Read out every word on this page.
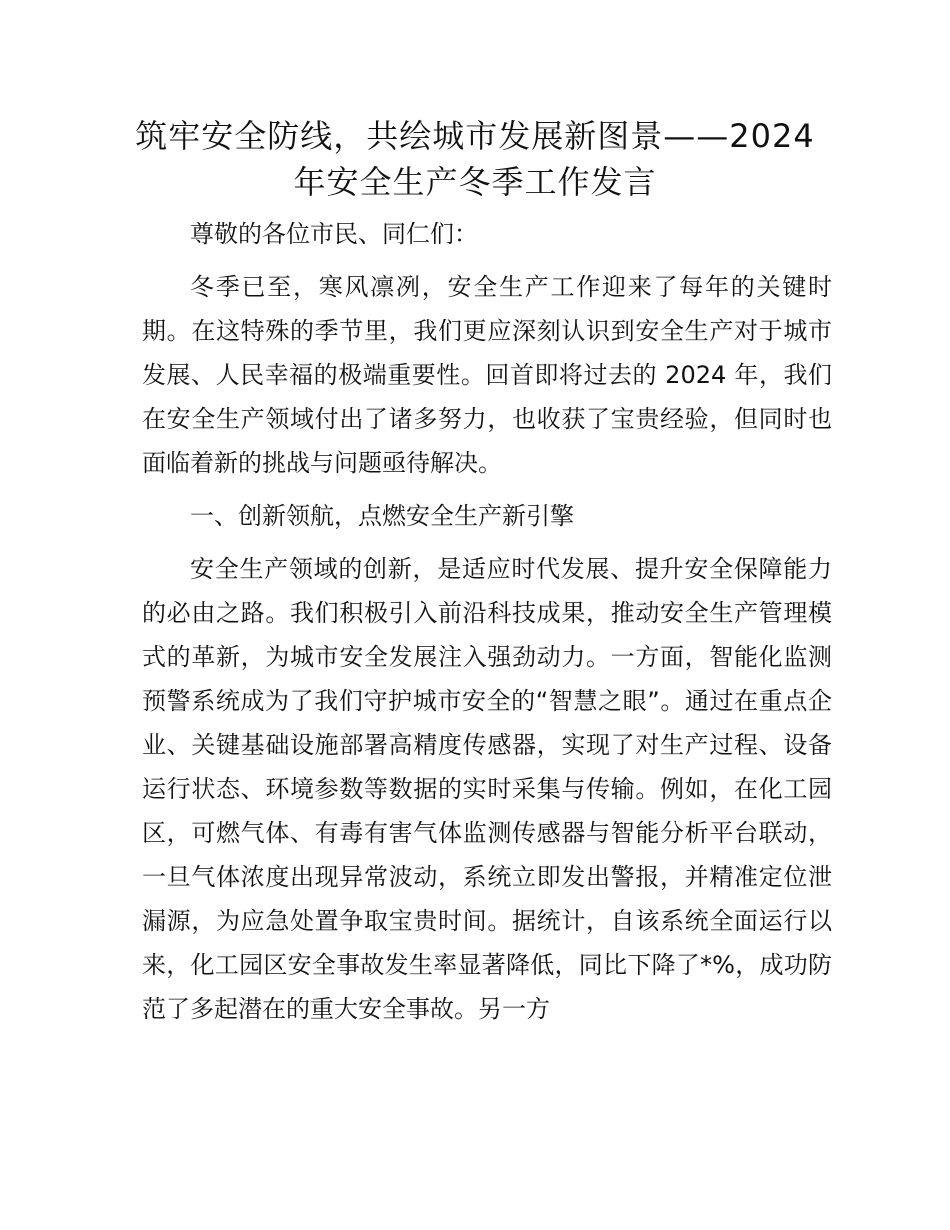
筑牢安全防线，共绘城市发展新图景——2024年安全生产冬季工作发言

尊敬的各位市民、同仁们：

冬季已至，寒风凛冽，安全生产工作迎来了每年的关键时期。在这特殊的季节里，我们更应深刻认识到安全生产对于城市发展、人民幸福的极端重要性。回首即将过去的 2024 年，我们在安全生产领域付出了诸多努力，也收获了宝贵经验，但同时也面临着新的挑战与问题亟待解决。

一、创新领航，点燃安全生产新引擎

安全生产领域的创新，是适应时代发展、提升安全保障能力的必由之路。我们积极引入前沿科技成果，推动安全生产管理模式的革新，为城市安全发展注入强劲动力。一方面，智能化监测预警系统成为了我们守护城市安全的“智慧之眼”。通过在重点企业、关键基础设施部署高精度传感器，实现了对生产过程、设备运行状态、环境参数等数据的实时采集与传输。例如，在化工园区，可燃气体、有毒有害气体监测传感器与智能分析平台联动，一旦气体浓度出现异常波动，系统立即发出警报，并精准定位泄漏源，为应急处置争取宝贵时间。据统计，自该系统全面运行以来，化工园区安全事故发生率显著降低，同比下降了*%，成功防范了多起潜在的重大安全事故。另一方
